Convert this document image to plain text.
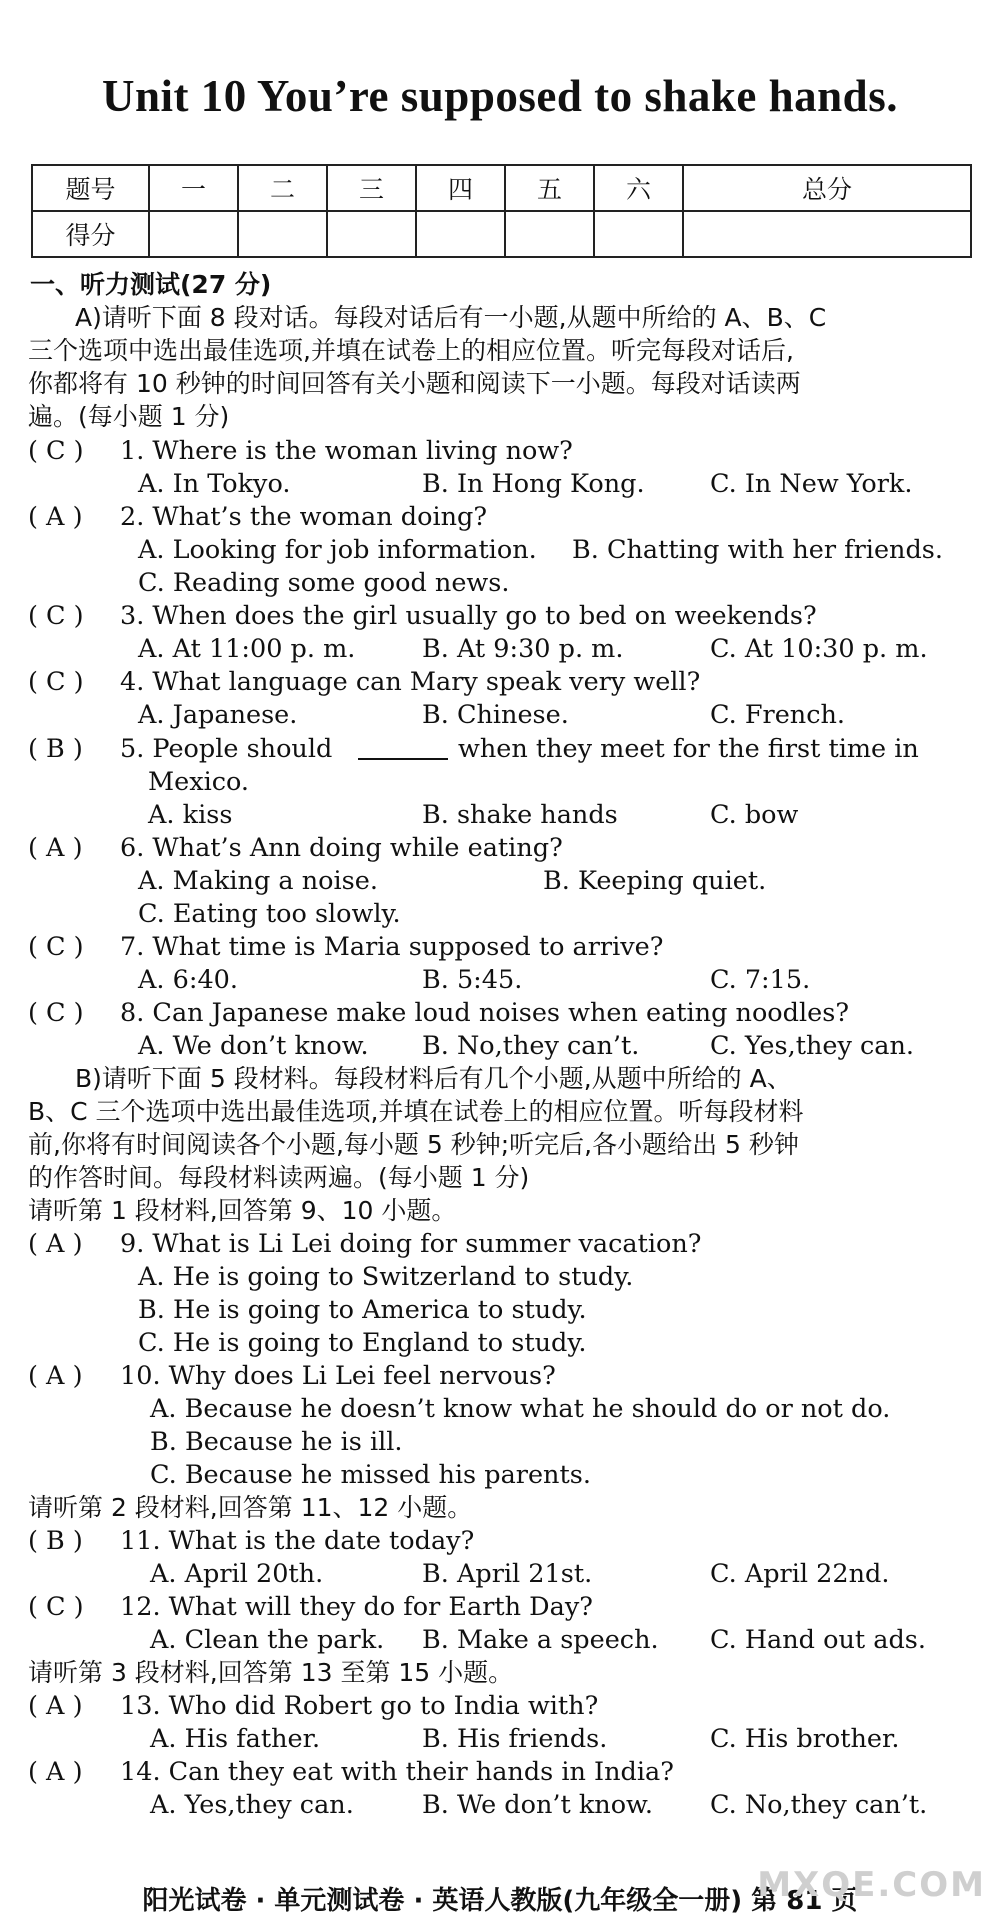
Unit 10 You’re supposed to shake hands.
题号	一	二	三	四	五	六	总分
得分							
一、听力测试(27 分)
A)请听下面 8 段对话。每段对话后有一小题,从题中所给的 A、B、C
三个选项中选出最佳选项,并填在试卷上的相应位置。听完每段对话后,
你都将有 10 秒钟的时间回答有关小题和阅读下一小题。每段对话读两
遍。(每小题 1 分)
( C ) 1. Where is the woman living now?
A. In Tokyo.	B. In Hong Kong.	C. In New York.
( A ) 2. What’s the woman doing?
A. Looking for job information. B. Chatting with her friends.
C. Reading some good news.
( C ) 3. When does the girl usually go to bed on weekends?
A. At 11:00 p. m.	B. At 9:30 p. m.	C. At 10:30 p. m.
( C ) 4. What language can Mary speak very well?
A. Japanese.	B. Chinese.	C. French.
( B ) 5. People should	when they meet for the first time in
Mexico.
A. kiss	B. shake hands	C. bow
( A ) 6. What’s Ann doing while eating?
A. Making a noise.	B. Keeping quiet.
C. Eating too slowly.
( C ) 7. What time is Maria supposed to arrive?
A. 6:40.	B. 5:45.	C. 7:15.
( C ) 8. Can Japanese make loud noises when eating noodles?
A. We don’t know. B. No,they can’t.	C. Yes,they can.
B)请听下面 5 段材料。每段材料后有几个小题,从题中所给的 A、
B、C 三个选项中选出最佳选项,并填在试卷上的相应位置。听每段材料
前,你将有时间阅读各个小题,每小题 5 秒钟;听完后,各小题给出 5 秒钟
的作答时间。每段材料读两遍。(每小题 1 分)
请听第 1 段材料,回答第 9、10 小题。
( A ) 9. What is Li Lei doing for summer vacation?
A. He is going to Switzerland to study.
B. He is going to America to study.
C. He is going to England to study.
( A ) 10. Why does Li Lei feel nervous?
A. Because he doesn’t know what he should do or not do.
B. Because he is ill.
C. Because he missed his parents.
请听第 2 段材料,回答第 11、12 小题。
( B ) 11. What is the date today?
A. April 20th.	B. April 21st.	C. April 22nd.
( C ) 12. What will they do for Earth Day?
A. Clean the park. B. Make a speech. C. Hand out ads.
请听第 3 段材料,回答第 13 至第 15 小题。
( A ) 13. Who did Robert go to India with?
A. His father.	B. His friends.	C. His brother.
( A ) 14. Can they eat with their hands in India?
A. Yes,they can.	B. We don’t know. C. No,they can’t.
阳光试卷 · 单元测试卷 · 英语人教版(九年级全一册) 第 81 页
MXQE.COM
